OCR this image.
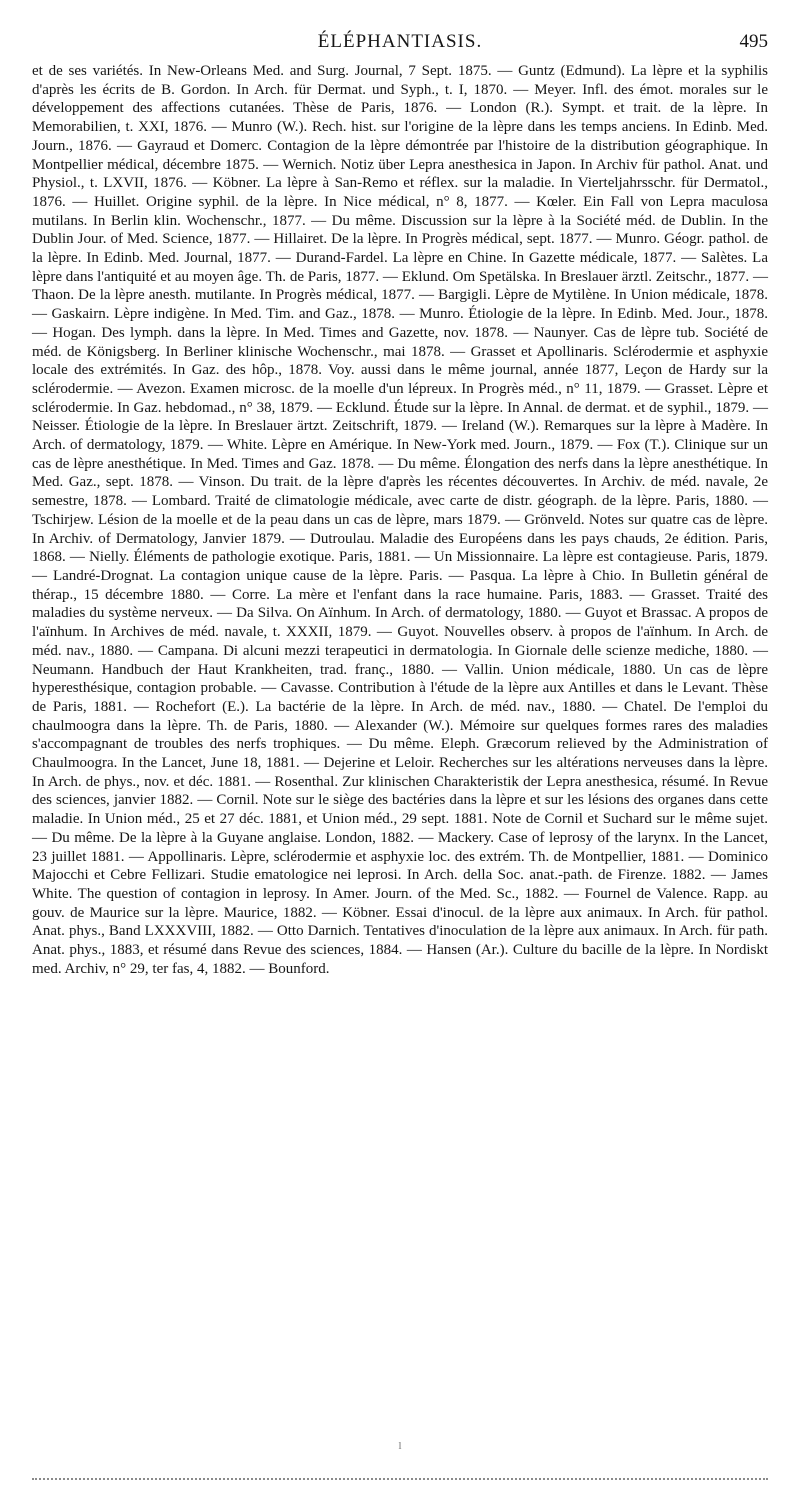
ÉLÉPHANTIASIS.	495
et de ses variétés. In New-Orleans Med. and Surg. Journal, 7 Sept. 1875. — Guntz (Edmund). La lèpre et la syphilis d'après les écrits de B. Gordon. In Arch. für Dermat. und Syph., t. I, 1870. — Meyer. Infl. des émot. morales sur le développement des affections cutanées. Thèse de Paris, 1876. — London (R.). Sympt. et trait. de la lèpre. In Memorabilien, t. XXI, 1876. — Munro (W.). Rech. hist. sur l'origine de la lèpre dans les temps anciens. In Edinb. Med. Journ., 1876. — Gayraud et Domerc. Contagion de la lèpre démontrée par l'histoire de la distribution géographique. In Montpellier médical, décembre 1875. — Wernich. Notiz über Lepra anesthesica in Japon. In Archiv für pathol. Anat. und Physiol., t. LXVII, 1876. — Köbner. La lèpre à San-Remo et réflex. sur la maladie. In Vierteljahrsschr. für Dermatol., 1876. — Huillet. Origine syphil. de la lèpre. In Nice médical, n° 8, 1877. — Kœler. Ein Fall von Lepra maculosa mutilans. In Berlin klin. Wochenschr., 1877. — Du même. Discussion sur la lèpre à la Société méd. de Dublin. In the Dublin Jour. of Med. Science, 1877. — Hillairet. De la lèpre. In Progrès médical, sept. 1877. — Munro. Géogr. pathol. de la lèpre. In Edinb. Med. Journal, 1877. — Durand-Fardel. La lèpre en Chine. In Gazette médicale, 1877. — Salètes. La lèpre dans l'antiquité et au moyen âge. Th. de Paris, 1877. — Eklund. Om Spetälska. In Breslauer ärztl. Zeitschr., 1877. — Thaon. De la lèpre anesth. mutilante. In Progrès médical, 1877. — Bargigli. Lèpre de Mytilène. In Union médicale, 1878. — Gaskairn. Lèpre indigène. In Med. Tim. and Gaz., 1878. — Munro. Étiologie de la lèpre. In Edinb. Med. Jour., 1878. — Hogan. Des lymph. dans la lèpre. In Med. Times and Gazette, nov. 1878. — Naunyer. Cas de lèpre tub. Société de méd. de Königsberg. In Berliner klinische Wochenschr., mai 1878. — Grasset et Apollinaris. Sclérodermie et asphyxie locale des extrémités. In Gaz. des hôp., 1878. Voy. aussi dans le même journal, année 1877, Leçon de Hardy sur la sclérodermie. — Avezon. Examen microsc. de la moelle d'un lépreux. In Progrès méd., n° 11, 1879. — Grasset. Lèpre et sclérodermie. In Gaz. hebdomad., n° 38, 1879. — Ecklund. Étude sur la lèpre. In Annal. de dermat. et de syphil., 1879. — Neisser. Étiologie de la lèpre. In Breslauer ärtzt. Zeitschrift, 1879. — Ireland (W.). Remarques sur la lèpre à Madère. In Arch. of dermatology, 1879. — White. Lèpre en Amérique. In New-York med. Journ., 1879. — Fox (T.). Clinique sur un cas de lèpre anesthétique. In Med. Times and Gaz. 1878. — Du même. Élongation des nerfs dans la lèpre anesthétique. In Med. Gaz., sept. 1878. — Vinson. Du trait. de la lèpre d'après les récentes découvertes. In Archiv. de méd. navale, 2e semestre, 1878. — Lombard. Traité de climatologie médicale, avec carte de distr. géograph. de la lèpre. Paris, 1880. — Tschirjew. Lésion de la moelle et de la peau dans un cas de lèpre, mars 1879. — Grönveld. Notes sur quatre cas de lèpre. In Archiv. of Dermatology, Janvier 1879. — Dutroulau. Maladie des Européens dans les pays chauds, 2e édition. Paris, 1868. — Nielly. Éléments de pathologie exotique. Paris, 1881. — Un Missionnaire. La lèpre est contagieuse. Paris, 1879. — Landré-Drognat. La contagion unique cause de la lèpre. Paris. — Pasqua. La lèpre à Chio. In Bulletin général de thérap., 15 décembre 1880. — Corre. La mère et l'enfant dans la race humaine. Paris, 1883. — Grasset. Traité des maladies du système nerveux. — Da Silva. On Aïnhum. In Arch. of dermatology, 1880. — Guyot et Brassac. A propos de l'aïnhum. In Archives de méd. navale, t. XXXII, 1879. — Guyot. Nouvelles observ. à propos de l'aïnhum. In Arch. de méd. nav., 1880. — Campana. Di alcuni mezzi terapeutici in dermatologia. In Giornale delle scienze mediche, 1880. — Neumann. Handbuch der Haut Krankheiten, trad. franç., 1880. — Vallin. Union médicale, 1880. Un cas de lèpre hyperesthésique, contagion probable. — Cavasse. Contribution à l'étude de la lèpre aux Antilles et dans le Levant. Thèse de Paris, 1881. — Rochefort (E.). La bactérie de la lèpre. In Arch. de méd. nav., 1880. — Chatel. De l'emploi du chaulmoogra dans la lèpre. Th. de Paris, 1880. — Alexander (W.). Mémoire sur quelques formes rares des maladies s'accompagnant de troubles des nerfs trophiques. — Du même. Eleph. Græcorum relieved by the Administration of Chaulmoogra. In the Lancet, June 18, 1881. — Dejerine et Leloir. Recherches sur les altérations nerveuses dans la lèpre. In Arch. de phys., nov. et déc. 1881. — Rosenthal. Zur klinischen Charakteristik der Lepra anesthesica, résumé. In Revue des sciences, janvier 1882. — Cornil. Note sur le siège des bactéries dans la lèpre et sur les lésions des organes dans cette maladie. In Union méd., 25 et 27 déc. 1881, et Union méd., 29 sept. 1881. Note de Cornil et Suchard sur le même sujet. — Du même. De la lèpre à la Guyane anglaise. London, 1882. — Mackery. Case of leprosy of the larynx. In the Lancet, 23 juillet 1881. — Appollinaris. Lèpre, sclérodermie et asphyxie loc. des extrém. Th. de Montpellier, 1881. — Dominico Majocchi et Cebre Fellizari. Studie ematologice nei leprosi. In Arch. della Soc. anat.-path. de Firenze. 1882. — James White. The question of contagion in leprosy. In Amer. Journ. of the Med. Sc., 1882. — Fournel de Valence. Rapp. au gouv. de Maurice sur la lèpre. Maurice, 1882. — Köbner. Essai d'inocul. de la lèpre aux animaux. In Arch. für pathol. Anat. phys., Band LXXXVIII, 1882. — Otto Darnich. Tentatives d'inoculation de la lèpre aux animaux. In Arch. für path. Anat. phys., 1883, et résumé dans Revue des sciences, 1884. — Hansen (Ar.). Culture du bacille de la lèpre. In Nordiskt med. Archiv, n° 29, ter fas, 4, 1882. — Bounford.
l
